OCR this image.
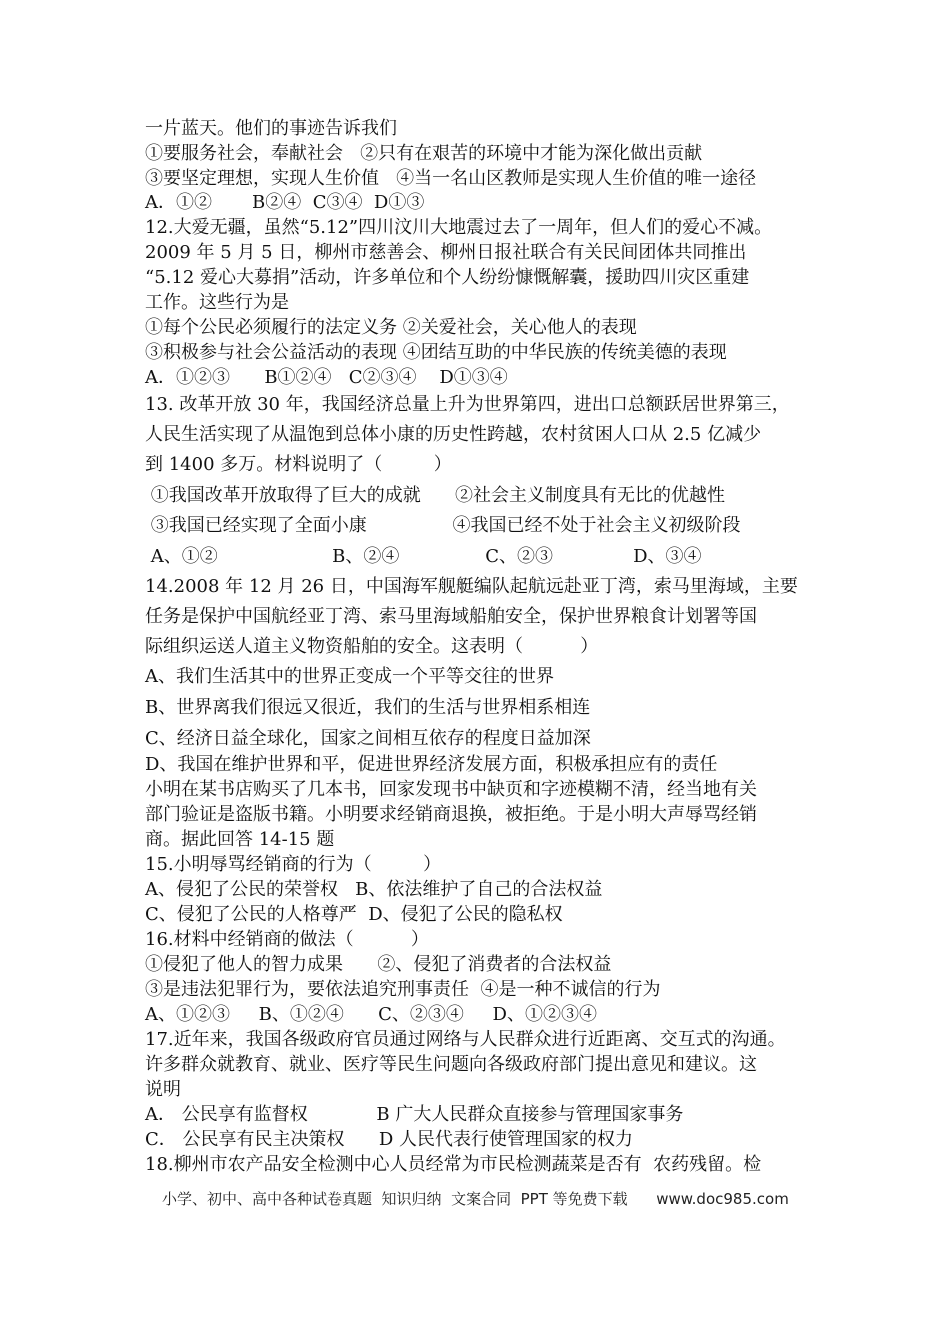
一片蓝天。他们的事迹告诉我们
①要服务社会，奉献社会   ②只有在艰苦的环境中才能为深化做出贡献
③要坚定理想，实现人生价值   ④当一名山区教师是实现人生价值的唯一途径
A．①②       B②④  C③④  D①③
12.大爱无疆，虽然“5.12”四川汶川大地震过去了一周年，但人们的爱心不减。
2009 年 5 月 5 日，柳州市慈善会、柳州日报社联合有关民间团体共同推出
“5.12 爱心大募捐”活动，许多单位和个人纷纷慷慨解囊，援助四川灾区重建
工作。这些行为是
①每个公民必须履行的法定义务 ②关爱社会，关心他人的表现
③积极参与社会公益活动的表现 ④团结互助的中华民族的传统美德的表现
A．①②③      B①②④   C②③④    D①③④
13. 改革开放 30 年，我国经济总量上升为世界第四，进出口总额跃居世界第三，
人民生活实现了从温饱到总体小康的历史性跨越，农村贫困人口从 2.5 亿减少
到 1400 多万。材料说明了（         ）
①我国改革开放取得了巨大的成就      ②社会主义制度具有无比的优越性
③我国已经实现了全面小康               ④我国已经不处于社会主义初级阶段
A、①②                    B、②④               C、②③              D、③④
14.2008 年 12 月 26 日，中国海军舰艇编队起航远赴亚丁湾，索马里海域，主要
任务是保护中国航经亚丁湾、索马里海域船舶安全，保护世界粮食计划署等国
际组织运送人道主义物资船舶的安全。这表明（          ）
A、我们生活其中的世界正变成一个平等交往的世界
B、世界离我们很远又很近，我们的生活与世界相系相连
C、经济日益全球化，国家之间相互依存的程度日益加深
D、我国在维护世界和平，促进世界经济发展方面，积极承担应有的责任
小明在某书店购买了几本书，回家发现书中缺页和字迹模糊不清，经当地有关
部门验证是盗版书籍。小明要求经销商退换，被拒绝。于是小明大声辱骂经销
商。据此回答 14-15 题
15.小明辱骂经销商的行为（         ）
A、侵犯了公民的荣誉权   B、依法维护了自己的合法权益
C、侵犯了公民的人格尊严  D、侵犯了公民的隐私权
16.材料中经销商的做法（          ）
①侵犯了他人的智力成果      ②、侵犯了消费者的合法权益
③是违法犯罪行为，要依法追究刑事责任  ④是一种不诚信的行为
A、①②③     B、①②④      C、②③④     D、①②③④
17.近年来，我国各级政府官员通过网络与人民群众进行近距离、交互式的沟通。
许多群众就教育、就业、医疗等民生问题向各级政府部门提出意见和建议。这
说明
A． 公民享有监督权            B 广大人民群众直接参与管理国家事务
C． 公民享有民主决策权      D 人民代表行使管理国家的权力
18.柳州市农产品安全检测中心人员经常为市民检测蔬菜是否有  农药残留。检
小学、初中、高中各种试卷真题  知识归纳  文案合同  PPT 等免费下载      www.doc985.com
